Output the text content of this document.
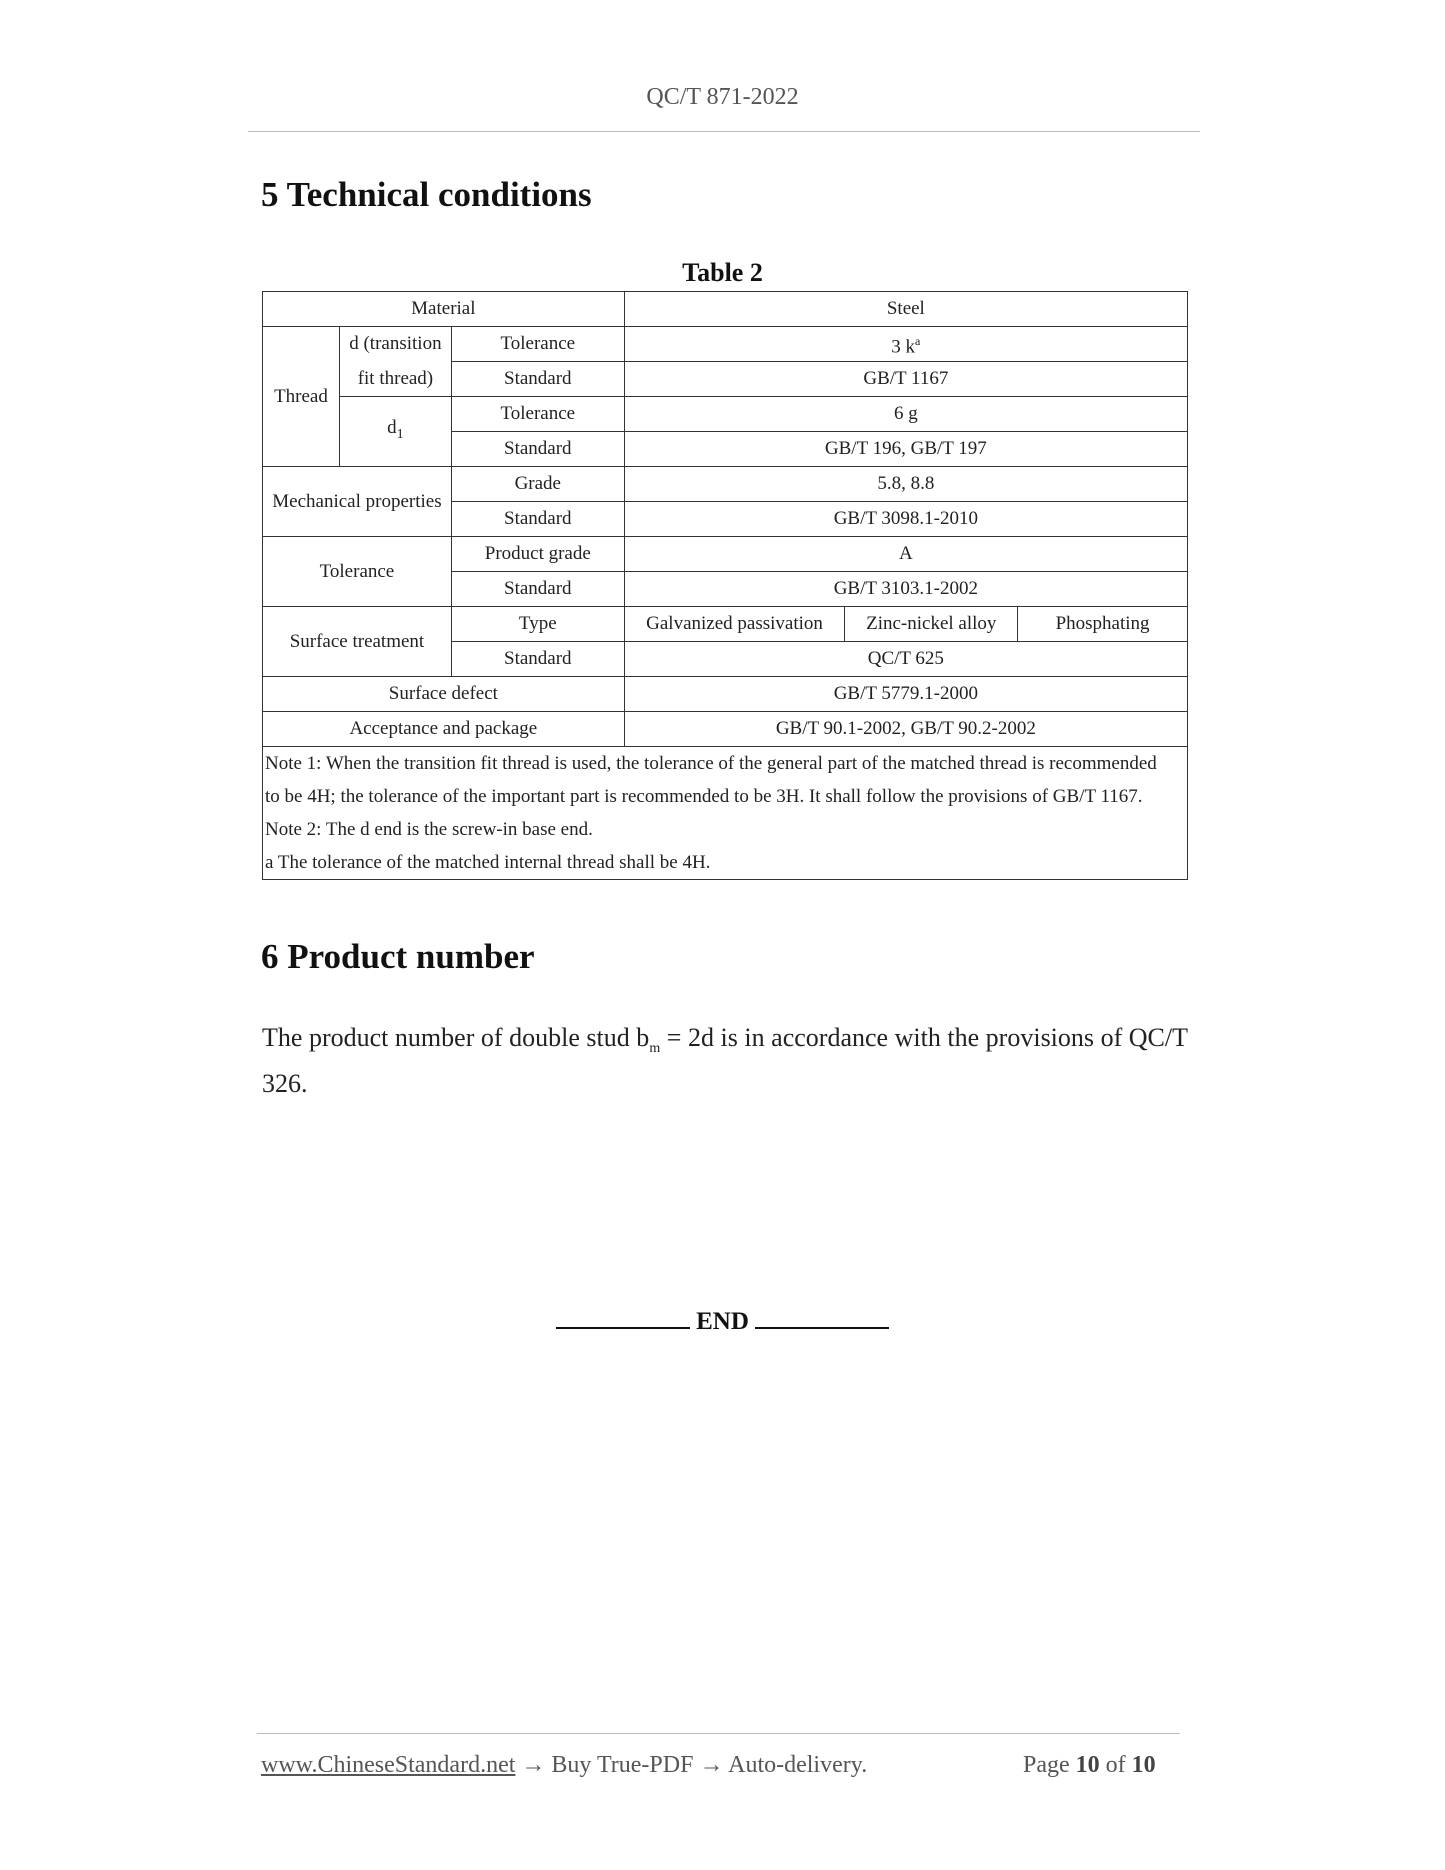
QC/T 871-2022
5 Technical conditions
Table 2
Material			Steel		
Thread	d (transition	Tolerance	3 $k^a$
	fit thread)	Standard	GB/T 1167		
	$d_1$	Tolerance	6 g		
		Standard	GB/T 196, GB/T 197		
Mechanical properties		Grade	5.8, 8.8		
		Standard	GB/T 3098.1-2010		
Tolerance		Product grade	A		
		Standard	GB/T 3103.1-2002		
Surface treatment		Type	Galvanized passivation	Zinc-nickel alloy	Phosphating
		Standard	QC/T 625		
Surface defect			GB/T 5779.1-2000		
Acceptance and package			GB/T 90.1-2002, GB/T 90.2-2002		
Note 1: When the transition fit thread is used, the tolerance of the general part of the matched thread is recommended					
to be 4H; the tolerance of the important part is recommended to be 3H. It shall follow the provisions of GB/T 1167.					
Note 2: The d end is the screw-in base end.					
a The tolerance of the matched internal thread shall be 4H.					
6 Product number
The product number of double stud $b_m = 2d$ is in accordance with the provisions of QC/T 326.
END
www.ChineseStandard.net → Buy True-PDF → Auto-delivery.	Page 10 of 10
